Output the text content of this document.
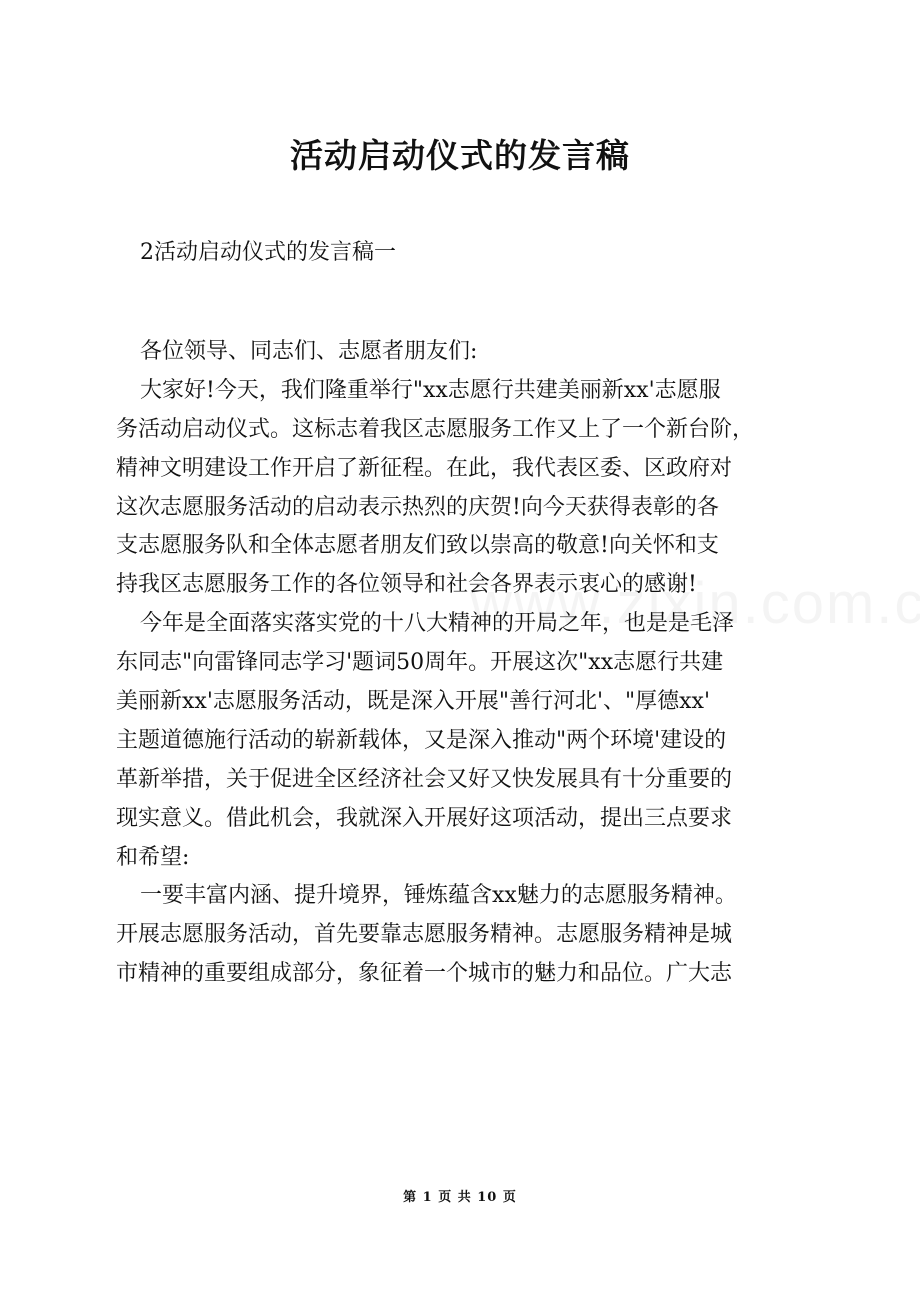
活动启动仪式的发言稿
2活动启动仪式的发言稿一
各位领导、同志们、志愿者朋友们:
大家好!今天，我们隆重举行"xx志愿行共建美丽新xx'志愿服
务活动启动仪式。这标志着我区志愿服务工作又上了一个新台阶，
精神文明建设工作开启了新征程。在此，我代表区委、区政府对
这次志愿服务活动的启动表示热烈的庆贺!向今天获得表彰的各
支志愿服务队和全体志愿者朋友们致以崇高的敬意!向关怀和支
持我区志愿服务工作的各位领导和社会各界表示衷心的感谢!
今年是全面落实落实党的十八大精神的开局之年，也是是毛泽
东同志"向雷锋同志学习'题词50周年。开展这次"xx志愿行共建
美丽新xx'志愿服务活动，既是深入开展"善行河北'、"厚德xx'
主题道德施行活动的崭新载体，又是深入推动"两个环境'建设的
革新举措，关于促进全区经济社会又好又快发展具有十分重要的
现实意义。借此机会，我就深入开展好这项活动，提出三点要求
和希望:
一要丰富内涵、提升境界，锤炼蕴含xx魅力的志愿服务精神。
开展志愿服务活动，首先要靠志愿服务精神。志愿服务精神是城
市精神的重要组成部分，象征着一个城市的魅力和品位。广大志
第 1 页 共 10 页
